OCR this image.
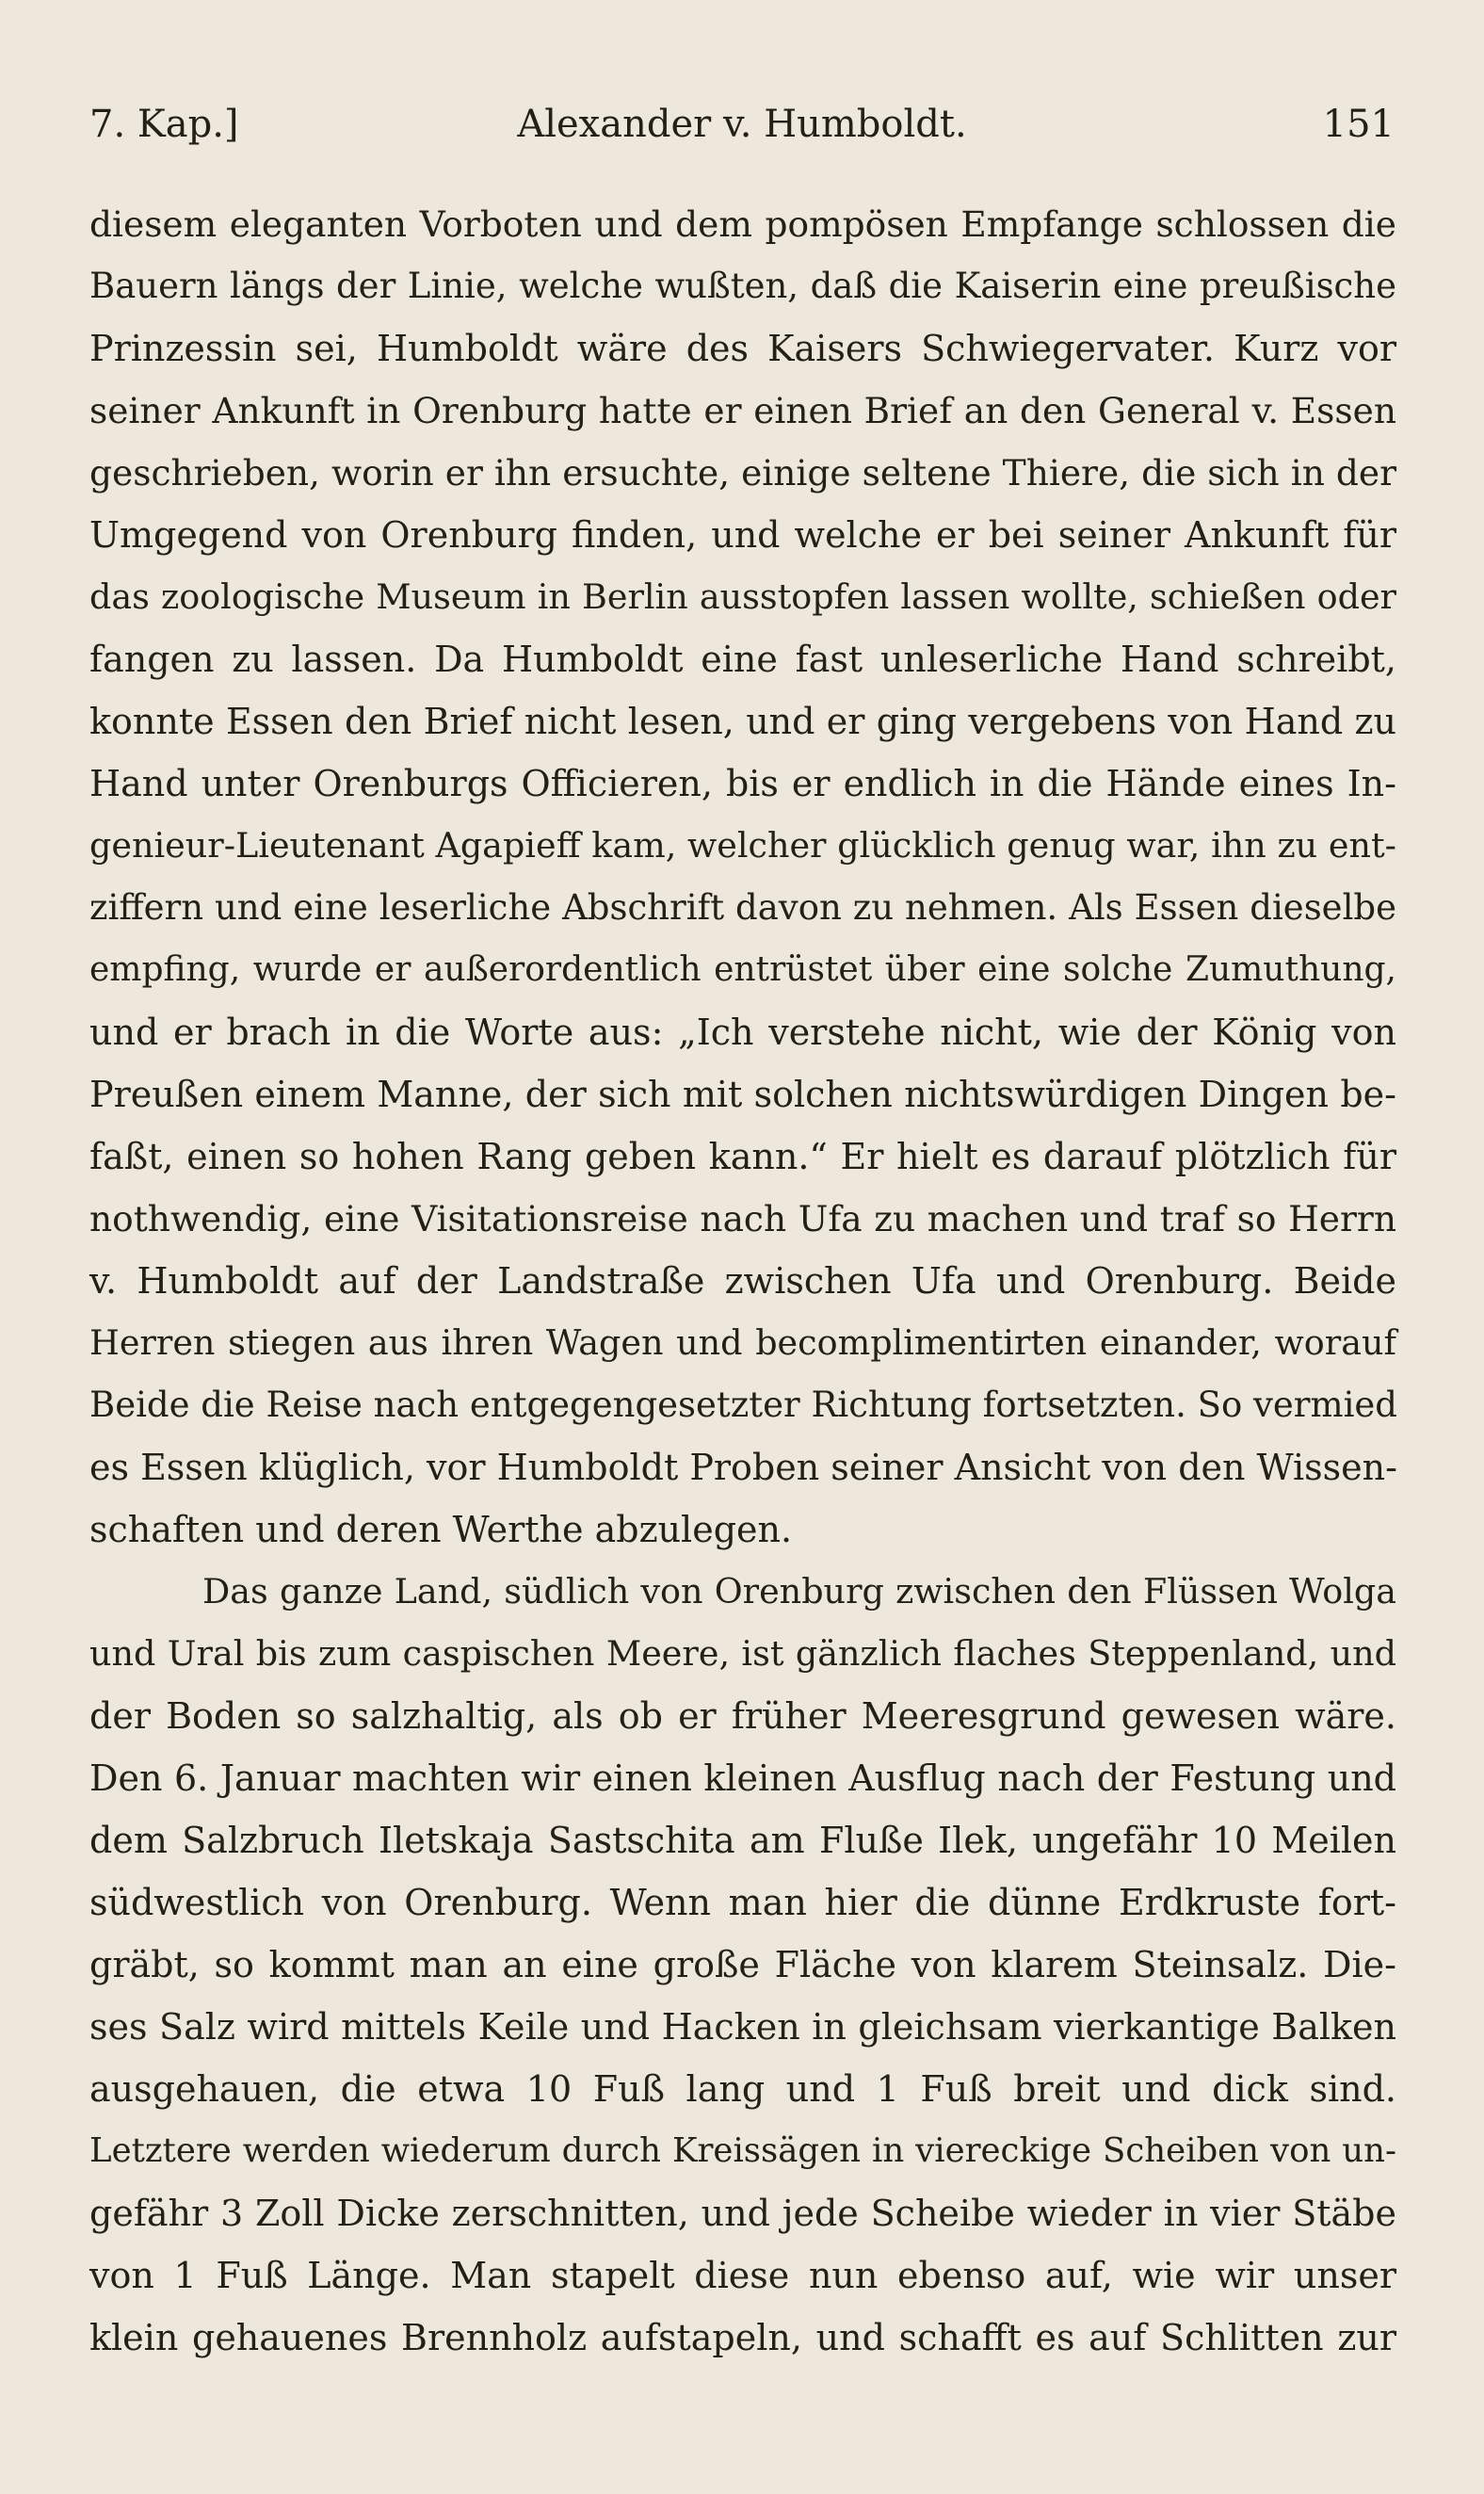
7. Kap.]	Alexander v. Humboldt.	151
diesem eleganten Vorboten und dem pompösen Empfange schlossen die
Bauern längs der Linie, welche wußten, daß die Kaiserin eine preußische
Prinzessin sei, Humboldt wäre des Kaisers Schwiegervater. Kurz vor
seiner Ankunft in Orenburg hatte er einen Brief an den General v. Essen
geschrieben, worin er ihn ersuchte, einige seltene Thiere, die sich in der
Umgegend von Orenburg finden, und welche er bei seiner Ankunft für
das zoologische Museum in Berlin ausstopfen lassen wollte, schießen oder
fangen zu lassen. Da Humboldt eine fast unleserliche Hand schreibt,
konnte Essen den Brief nicht lesen, und er ging vergebens von Hand zu
Hand unter Orenburgs Officieren, bis er endlich in die Hände eines In-
genieur-Lieutenant Agapieff kam, welcher glücklich genug war, ihn zu ent-
ziffern und eine leserliche Abschrift davon zu nehmen. Als Essen dieselbe
empfing, wurde er außerordentlich entrüstet über eine solche Zumuthung,
und er brach in die Worte aus: „Ich verstehe nicht, wie der König von
Preußen einem Manne, der sich mit solchen nichtswürdigen Dingen be-
faßt, einen so hohen Rang geben kann.“ Er hielt es darauf plötzlich für
nothwendig, eine Visitationsreise nach Ufa zu machen und traf so Herrn
v. Humboldt auf der Landstraße zwischen Ufa und Orenburg. Beide
Herren stiegen aus ihren Wagen und becomplimentirten einander, worauf
Beide die Reise nach entgegengesetzter Richtung fortsetzten. So vermied
es Essen klüglich, vor Humboldt Proben seiner Ansicht von den Wissen-
schaften und deren Werthe abzulegen.
Das ganze Land, südlich von Orenburg zwischen den Flüssen Wolga
und Ural bis zum caspischen Meere, ist gänzlich flaches Steppenland, und
der Boden so salzhaltig, als ob er früher Meeresgrund gewesen wäre.
Den 6. Januar machten wir einen kleinen Ausflug nach der Festung und
dem Salzbruch Iletskaja Sastschita am Fluße Ilek, ungefähr 10 Meilen
südwestlich von Orenburg. Wenn man hier die dünne Erdkruste fort-
gräbt, so kommt man an eine große Fläche von klarem Steinsalz. Die-
ses Salz wird mittels Keile und Hacken in gleichsam vierkantige Balken
ausgehauen, die etwa 10 Fuß lang und 1 Fuß breit und dick sind.
Letztere werden wiederum durch Kreissägen in viereckige Scheiben von un-
gefähr 3 Zoll Dicke zerschnitten, und jede Scheibe wieder in vier Stäbe
von 1 Fuß Länge. Man stapelt diese nun ebenso auf, wie wir unser
klein gehauenes Brennholz aufstapeln, und schafft es auf Schlitten zur
